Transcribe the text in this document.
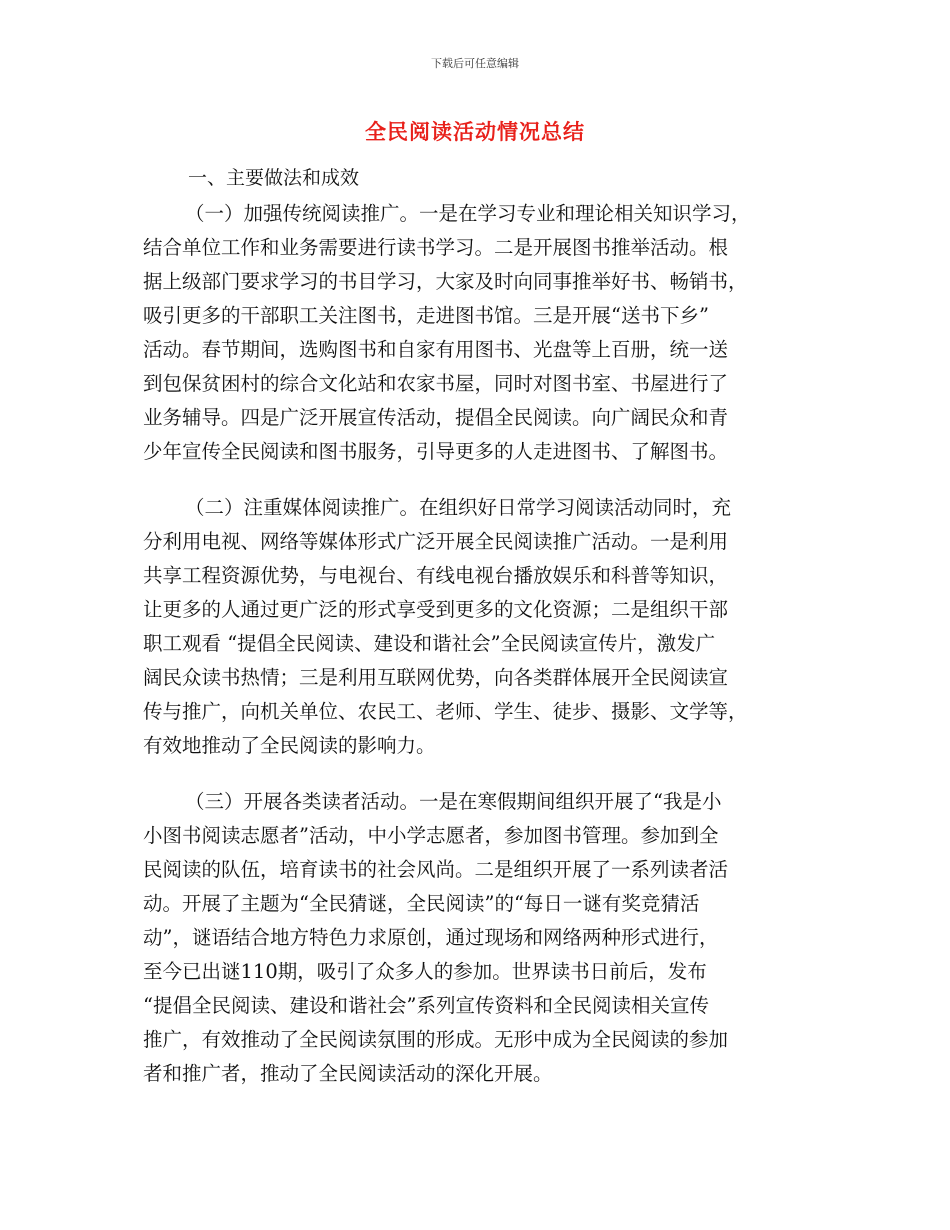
下载后可任意编辑
全民阅读活动情况总结
一、主要做法和成效
（一）加强传统阅读推广。一是在学习专业和理论相关知识学习，
结合单位工作和业务需要进行读书学习。二是开展图书推举活动。根
据上级部门要求学习的书目学习，大家及时向同事推举好书、畅销书，
吸引更多的干部职工关注图书，走进图书馆。三是开展“送书下乡”
活动。春节期间，选购图书和自家有用图书、光盘等上百册，统一送
到包保贫困村的综合文化站和农家书屋，同时对图书室、书屋进行了
业务辅导。四是广泛开展宣传活动，提倡全民阅读。向广阔民众和青
少年宣传全民阅读和图书服务，引导更多的人走进图书、了解图书。
（二）注重媒体阅读推广。在组织好日常学习阅读活动同时，充
分利用电视、网络等媒体形式广泛开展全民阅读推广活动。一是利用
共享工程资源优势，与电视台、有线电视台播放娱乐和科普等知识，
让更多的人通过更广泛的形式享受到更多的文化资源；二是组织干部
职工观看 “提倡全民阅读、建设和谐社会”全民阅读宣传片，激发广
阔民众读书热情；三是利用互联网优势，向各类群体展开全民阅读宣
传与推广，向机关单位、农民工、老师、学生、徒步、摄影、文学等，
有效地推动了全民阅读的影响力。
（三）开展各类读者活动。一是在寒假期间组织开展了“我是小
小图书阅读志愿者”活动，中小学志愿者，参加图书管理。参加到全
民阅读的队伍，培育读书的社会风尚。二是组织开展了一系列读者活
动。开展了主题为“全民猜谜，全民阅读”的“每日一谜有奖竞猜活
动”，谜语结合地方特色力求原创，通过现场和网络两种形式进行，
至今已出谜110期，吸引了众多人的参加。世界读书日前后，发布
“提倡全民阅读、建设和谐社会”系列宣传资料和全民阅读相关宣传
推广，有效推动了全民阅读氛围的形成。无形中成为全民阅读的参加
者和推广者，推动了全民阅读活动的深化开展。
